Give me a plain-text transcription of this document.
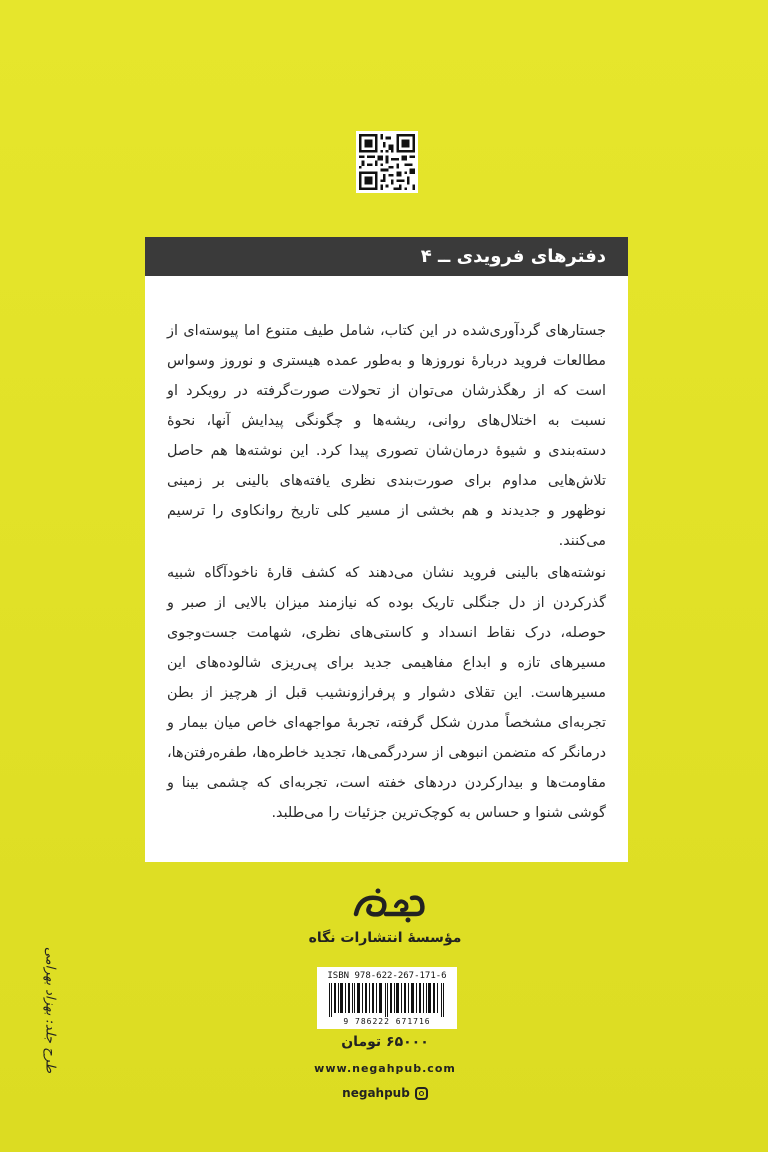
دفترهای فرویدی ــ ۴

جستارهای گردآوری‌شده در این کتاب، شامل طیف متنوع اما پیوسته‌ای از مطالعات فروید دربارهٔ نوروزها و به‌طور عمده هیستری و نوروز وسواس است که از رهگذرشان می‌توان از تحولات صورت‌گرفته در رویکرد او نسبت به اختلال‌های روانی، ریشه‌ها و چگونگی پیدایش آنها، نحوهٔ دسته‌بندی و شیوهٔ درمان‌شان تصوری پیدا کرد. این نوشته‌ها هم حاصل تلاش‌هایی مداوم برای صورت‌بندی نظری یافته‌های بالینی بر زمینی نوظهور و جدیدند و هم بخشی از مسیر کلی تاریخ روانکاوی را ترسیم می‌کنند.

نوشته‌های بالینی فروید نشان می‌دهند که کشف قارهٔ ناخودآگاه شبیه گذرکردن از دل جنگلی تاریک بوده که نیازمند میزان بالایی از صبر و حوصله، درک نقاط انسداد و کاستی‌های نظری، شهامت جست‌وجوی مسیرهای تازه و ابداع مفاهیمی جدید برای پی‌ریزی شالوده‌های این مسیرهاست. این تقلای دشوار و پرفرازونشیب قبل از هرچیز از بطن تجربه‌ای مشخصاً مدرن شکل گرفته، تجربهٔ مواجهه‌ای خاص میان بیمار و درمانگر که متضمن انبوهی از سردرگمی‌ها، تجدید خاطره‌ها، طفره‌رفتن‌ها، مقاومت‌ها و بیدارکردن دردهای خفته است، تجربه‌ای که چشمی بینا و گوشی شنوا و حساس به کوچک‌ترین جزئیات را می‌طلبد.

مؤسسهٔ انتشارات نگاه
ISBN 978-622-267-171-6
9 786222 671716
۶۵۰۰۰ تومان
www.negahpub.com
negahpub
طرح جلد: بهزاد بهرامی
